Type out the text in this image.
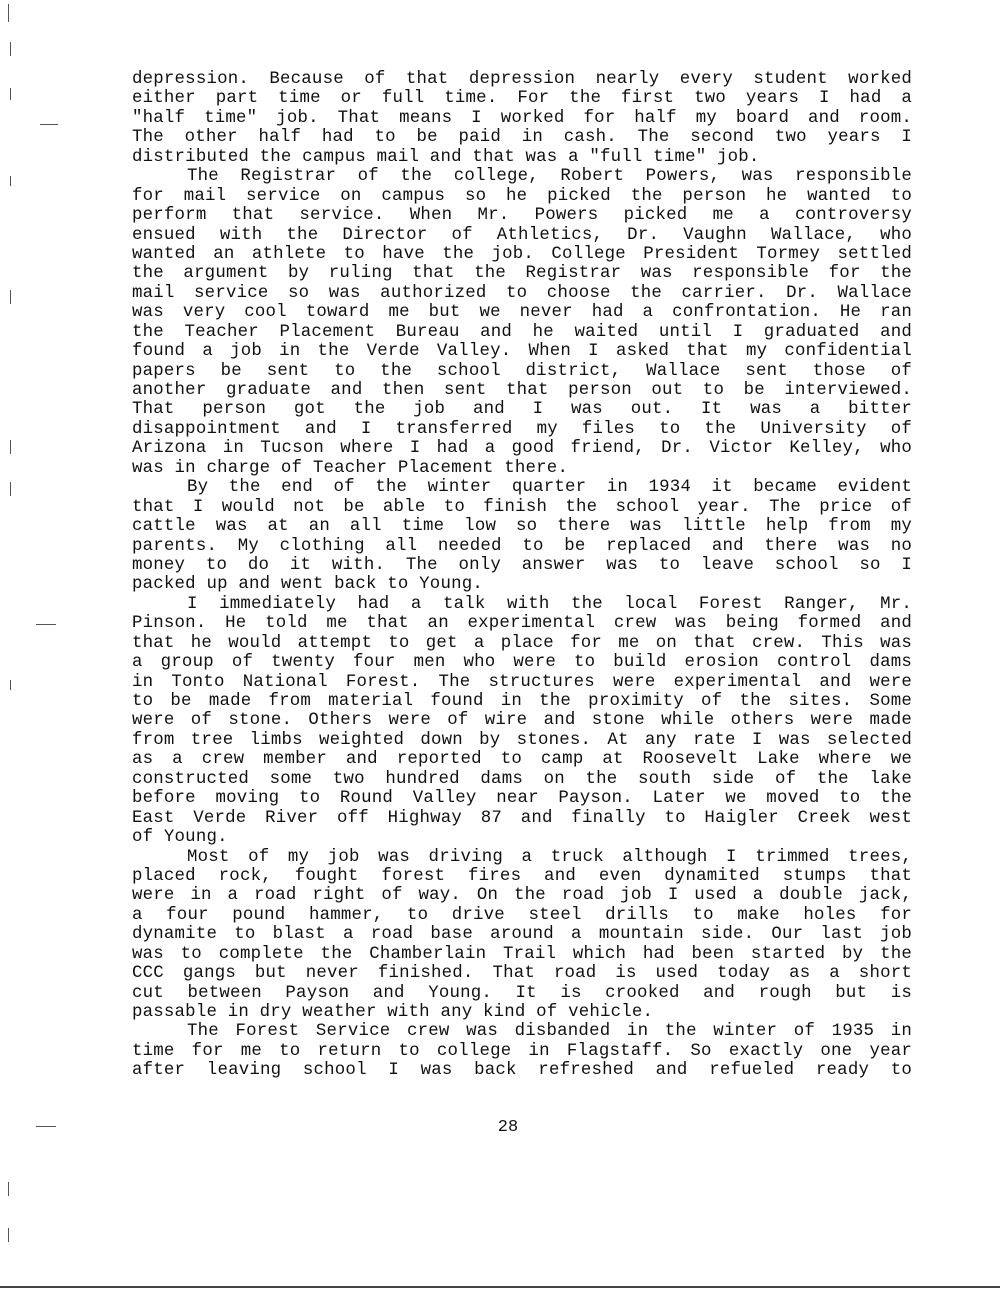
depression. Because of that depression nearly every student worked
either part time or full time. For the first two years I had a
"half time" job. That means I worked for half my board and room.
The other half had to be paid in cash. The second two years I
distributed the campus mail and that was a "full time" job.
The Registrar of the college, Robert Powers, was responsible
for mail service on campus so he picked the person he wanted to
perform that service. When Mr. Powers picked me a controversy
ensued with the Director of Athletics, Dr. Vaughn Wallace, who
wanted an athlete to have the job. College President Tormey settled
the argument by ruling that the Registrar was responsible for the
mail service so was authorized to choose the carrier. Dr. Wallace
was very cool toward me but we never had a confrontation. He ran
the Teacher Placement Bureau and he waited until I graduated and
found a job in the Verde Valley. When I asked that my confidential
papers be sent to the school district, Wallace sent those of
another graduate and then sent that person out to be interviewed.
That person got the job and I was out. It was a bitter
disappointment and I transferred my files to the University of
Arizona in Tucson where I had a good friend, Dr. Victor Kelley, who
was in charge of Teacher Placement there.
By the end of the winter quarter in 1934 it became evident
that I would not be able to finish the school year. The price of
cattle was at an all time low so there was little help from my
parents. My clothing all needed to be replaced and there was no
money to do it with. The only answer was to leave school so I
packed up and went back to Young.
I immediately had a talk with the local Forest Ranger, Mr.
Pinson. He told me that an experimental crew was being formed and
that he would attempt to get a place for me on that crew. This was
a group of twenty four men who were to build erosion control dams
in Tonto National Forest. The structures were experimental and were
to be made from material found in the proximity of the sites. Some
were of stone. Others were of wire and stone while others were made
from tree limbs weighted down by stones. At any rate I was selected
as a crew member and reported to camp at Roosevelt Lake where we
constructed some two hundred dams on the south side of the lake
before moving to Round Valley near Payson. Later we moved to the
East Verde River off Highway 87 and finally to Haigler Creek west
of Young.
Most of my job was driving a truck although I trimmed trees,
placed rock, fought forest fires and even dynamited stumps that
were in a road right of way. On the road job I used a double jack,
a four pound hammer, to drive steel drills to make holes for
dynamite to blast a road base around a mountain side. Our last job
was to complete the Chamberlain Trail which had been started by the
CCC gangs but never finished. That road is used today as a short
cut between Payson and Young. It is crooked and rough but is
passable in dry weather with any kind of vehicle.
The Forest Service crew was disbanded in the winter of 1935 in
time for me to return to college in Flagstaff. So exactly one year
after leaving school I was back refreshed and refueled ready to
28
